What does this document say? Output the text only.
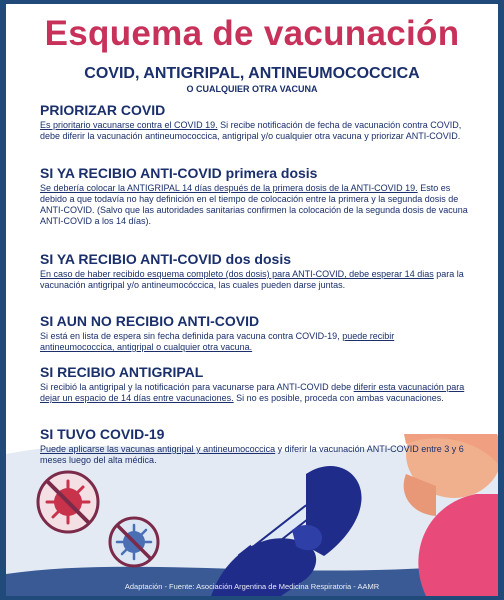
Esquema de vacunación
COVID, ANTIGRIPAL, ANTINEUMOCOCCICA
O CUALQUIER OTRA VACUNA
PRIORIZAR COVID

Es prioritario vacunarse contra el COVID 19. Si recibe notificación de fecha de vacunación contra COVID, debe diferir la vacunación antineumococcica, antigripal y/o cualquier otra vacuna y priorizar ANTI-COVID.

SI YA RECIBIO ANTI-COVID primera dosis

Se debería colocar la ANTIGRIPAL 14 días después de la primera dosis de la ANTI-COVID 19. Esto es debido a que todavía no hay definición en el tiempo de colocación entre la primera y la segunda dosis de ANTI-COVID. (Salvo que las autoridades sanitarias confirmen la colocación de la segunda dosis de vacuna ANTI-COVID a los 14 días).

SI YA RECIBIO ANTI-COVID dos dosis

En caso de haber recibido esquema completo (dos dosis) para ANTI-COVID, debe esperar 14 dias para la vacunación antigripal y/o antineumocóccica, las cuales pueden darse juntas.

SI AUN NO RECIBIO ANTI-COVID

Si está en lista de espera sin fecha definida para vacuna contra COVID-19, puede recibir antineumococcica, antigripal o cualquier otra vacuna.

SI RECIBIO ANTIGRIPAL

Si recibió la antigripal y la notificación para vacunarse para ANTI-COVID debe diferir esta vacunación para dejar un espacio de 14 días entre vacunaciones. Si no es posible, proceda con ambas vacunaciones.

SI TUVO COVID-19

Puede aplicarse las vacunas antigripal y antineumococcica y diferir la vacunación ANTI-COVID entre 3 y 6 meses luego del alta médica.

Adaptación - Fuente: Asociación Argentina de Medicina Respiratoria - AAMR
